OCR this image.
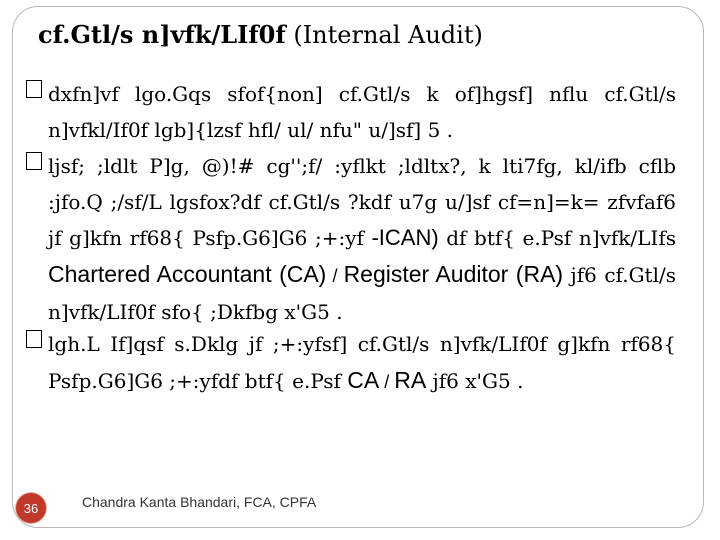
cf.Gtl/s n]vfk/LIf0f (Internal Audit)
dxfn]vf lgo.Gqs sfof{non] cf.Gtl/s k of]hgsf] nflu cf.Gtl/s n]vfkl/If0f lgb]{lzsf hfl/ ul/ nfu" u/]sf] 5 .
ljsf; ;ldlt P]g, @)!# cg'';f/ :yflkt ;ldltx?, k lti7fg, kl/ifb cflb :jfo.Q ;/sf/L lgsfox?df cf.Gtl/s ?kdf u7g u/]sf cf=n]=k= zfvfaf6 jf g]kfn rf68{ Psfp.G6]G6 ;+:yf -ICAN) df btf{ e.Psf n]vfk/LIfs Chartered Accountant (CA) / Register Auditor (RA) jf6 cf.Gtl/s n]vfk/LIf0f sfo{ ;Dkfbg x'G5 .
lgh.L If]qsf s.Dklg jf ;+:yfsf] cf.Gtl/s n]vfk/LIf0f g]kfn rf68{ Psfp.G6]G6 ;+:yfdf btf{ e.Psf CA / RA jf6 x'G5 .
36	Chandra Kanta Bhandari, FCA, CPFA
